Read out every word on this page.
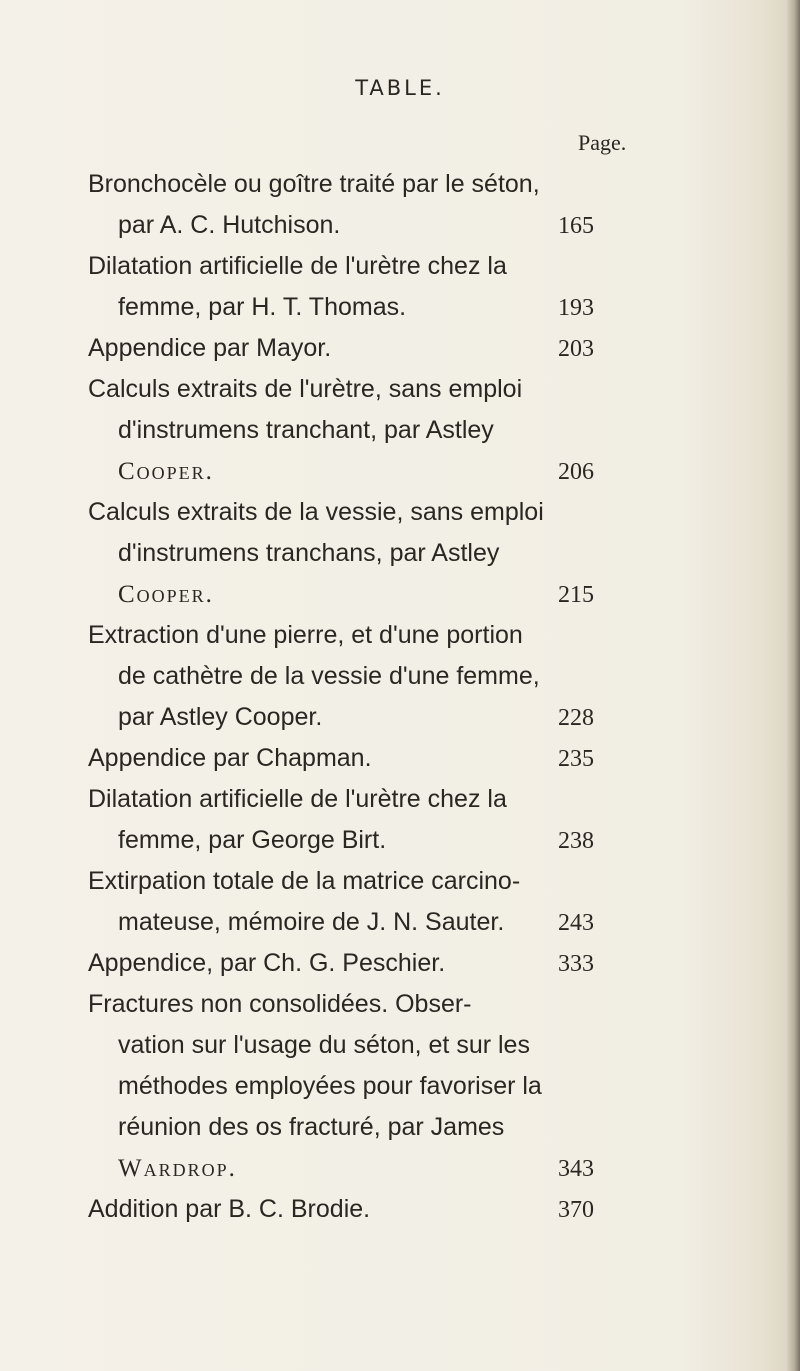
TABLE.
Page.
Bronchocèle ou goître traité par le séton,
par A. C. Hutchison.	165
Dilatation artificielle de l'urètre chez la
femme, par H. T. Thomas.	193
Appendice par Mayor.	203
Calculs extraits de l'urètre, sans emploi
d'instrumens tranchant, par Astley
Cooper.	206
Calculs extraits de la vessie, sans emploi
d'instrumens tranchans, par Astley
Cooper.	215
Extraction d'une pierre, et d'une portion
de cathètre de la vessie d'une femme,
par Astley Cooper.	228
Appendice par Chapman.	235
Dilatation artificielle de l'urètre chez la
femme, par George Birt.	238
Extirpation totale de la matrice carcino-
mateuse, mémoire de J. N. Sauter.	243
Appendice, par Ch. G. Peschier.	333
Fractures non consolidées. Obser-
vation sur l'usage du séton, et sur les
méthodes employées pour favoriser la
réunion des os fracturé, par James
Wardrop.	343
Addition par B. C. Brodie.	370
